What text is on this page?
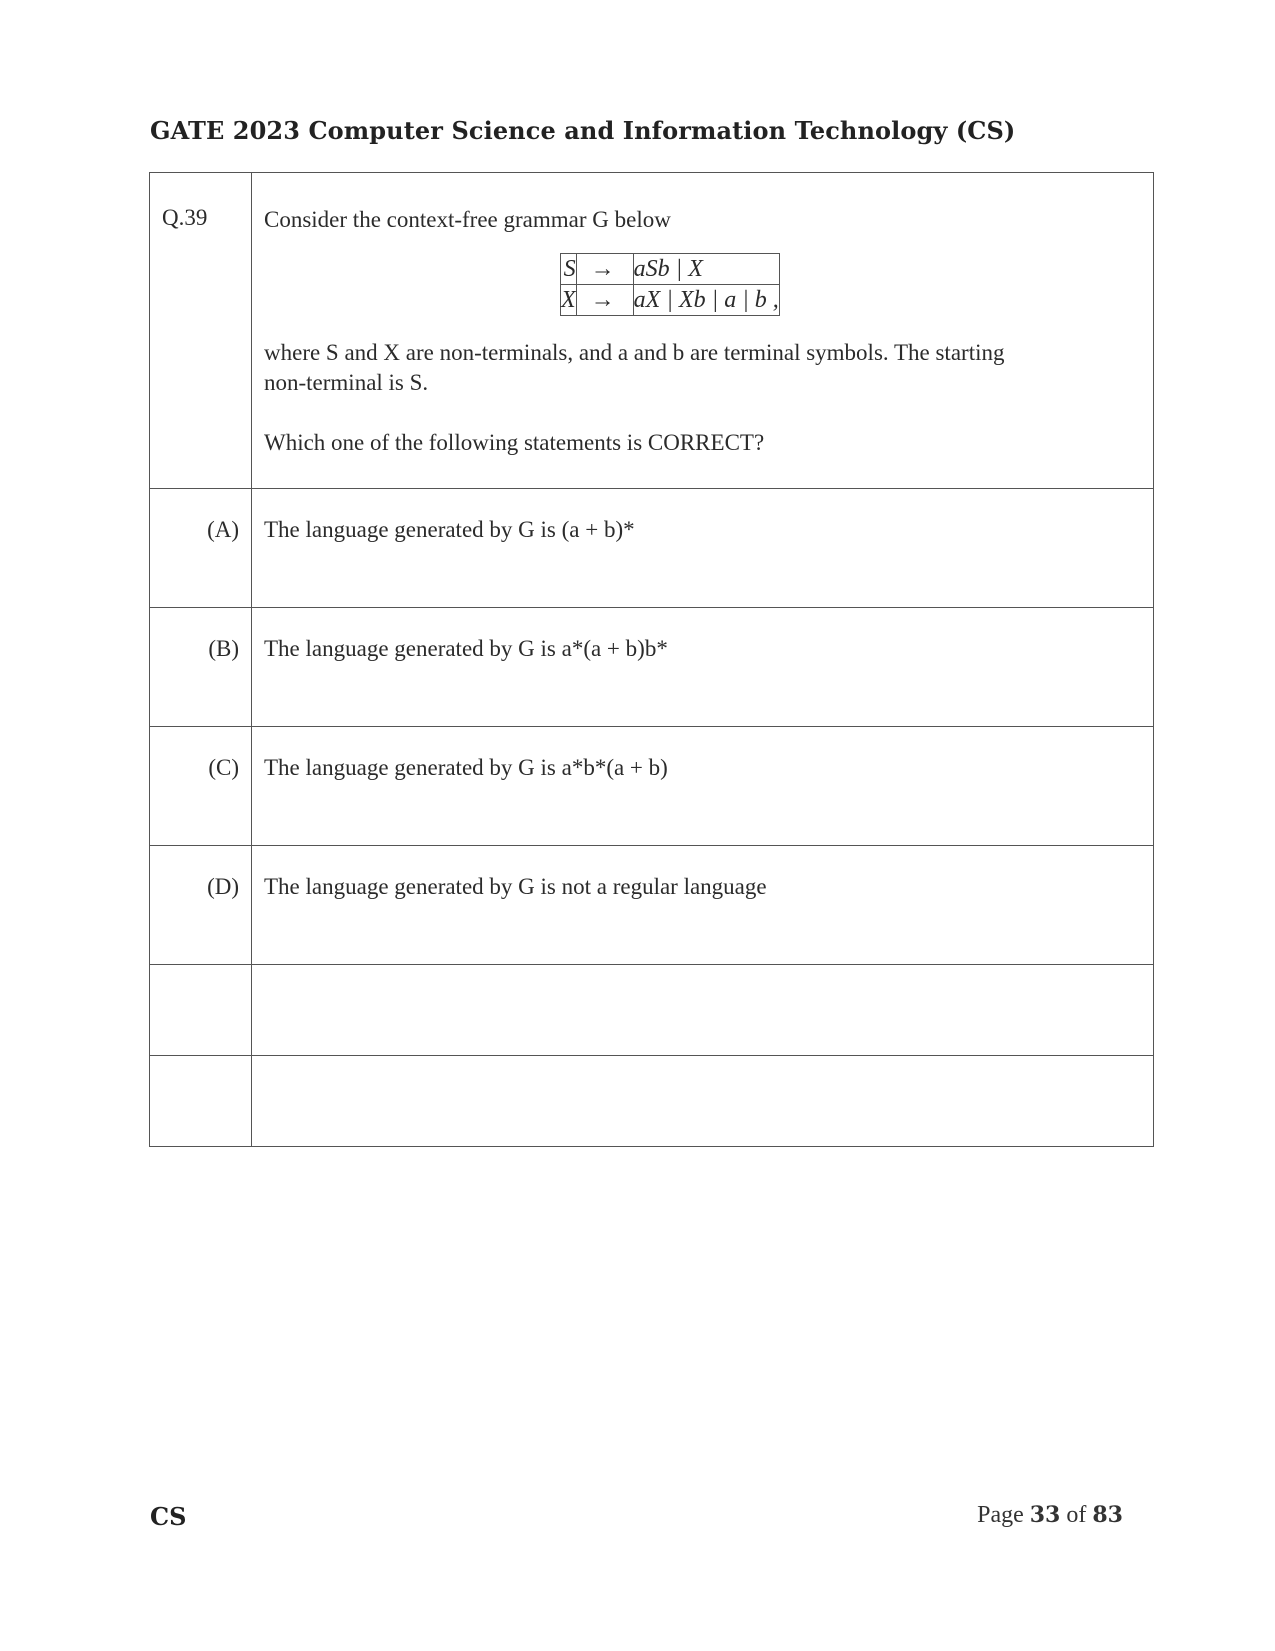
GATE 2023 Computer Science and Information Technology (CS)
Q.39	Consider the context-free grammar G below

S	→	aSb | X
X	→	aX | Xb | a | b ,

where S and X are non-terminals, and a and b are terminal symbols. The starting

non-terminal is S.

Which one of the following statements is CORRECT?

(A)	The language generated by G is (a + b)*
(B)	The language generated by G is a*(a + b)b*
(C)	The language generated by G is a*b*(a + b)
(D)	The language generated by G is not a regular language

CS	Page 33 of 83
